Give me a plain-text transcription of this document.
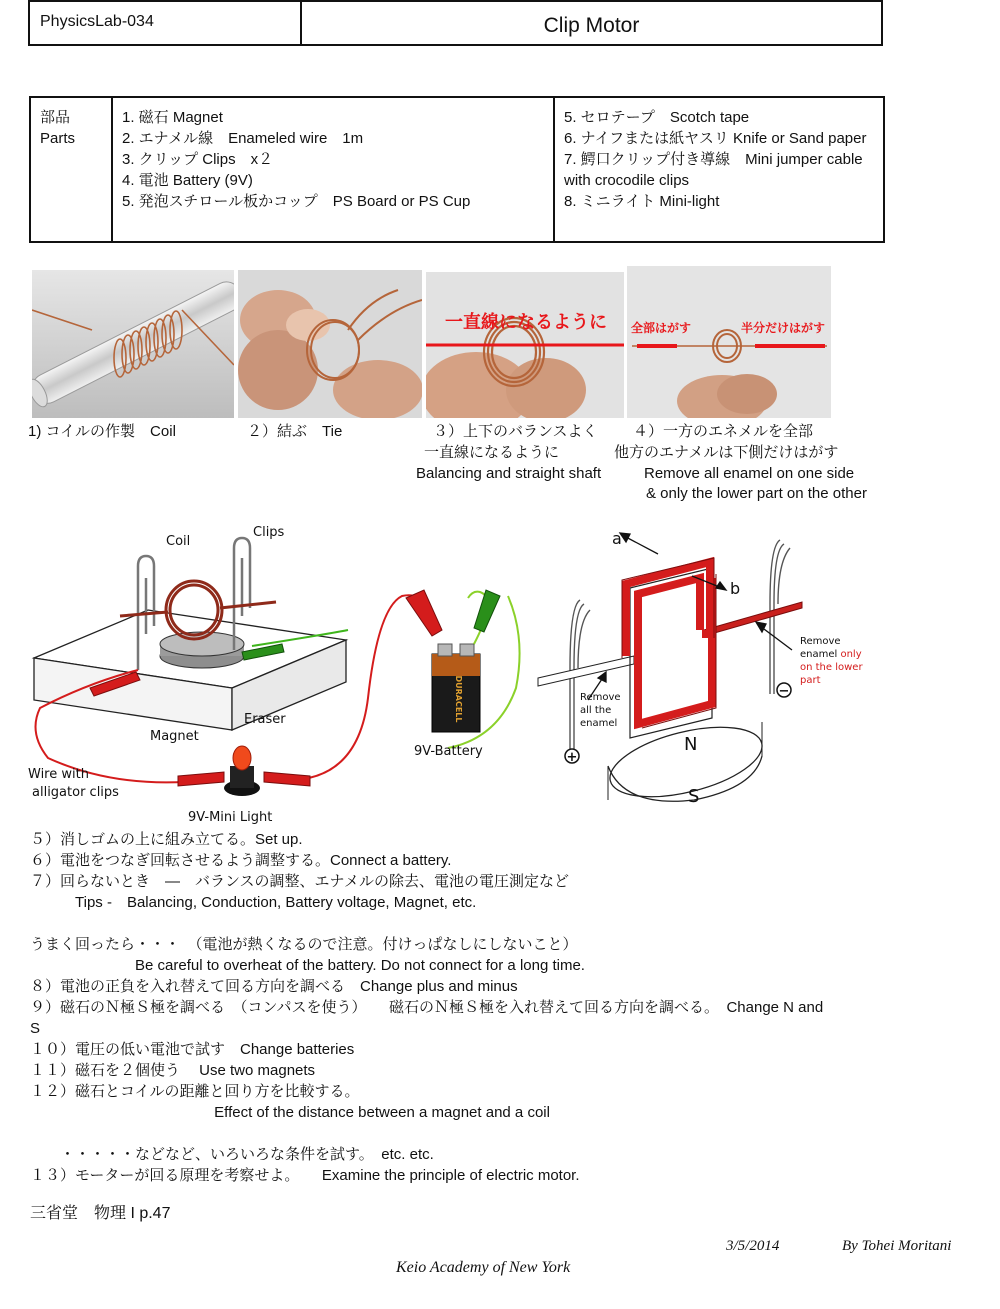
PhysicsLab-034	Clip Motor
部品
Parts
1. 磁石 Magnet
2. エナメル線　Enameled wire　1m
3. クリップ Clips　x２
4. 電池 Battery (9V)
5. 発泡スチロール板かコップ　PS Board or PS Cup
5. セロテープ　Scotch tape
6. ナイフまたは紙ヤスリ Knife or Sand paper
7. 鰐口クリップ付き導線　Mini jumper cable with crocodile clips
8. ミニライト Mini-light
一直線になるように 全部はがす	半分だけはがす
1) コイルの作製　Coil	２）結ぶ　Tie	３）上下のバランスよく
一直線になるように
Balancing and straight shaft
４）一方のエネメルを全部
他方のエナメルは下側だけはがす
Remove all enamel on one side
& only the lower part on the other
DURACELL
Coil
Clips
Eraser
Magnet
9V-Battery
Wire with
alligator clips
9V-Mini Light
+
−
a
b
N
S
Remove
all the
enamel
Remove
enamel only
on the lower
part
５）消しゴムの上に組み立てる。Set up.
６）電池をつなぎ回転させるよう調整する。Connect a battery.
７）回らないとき　―　バランスの調整、エナメルの除去、電池の電圧測定など
　　　Tips -　Balancing, Conduction, Battery voltage, Magnet, etc.
うまく回ったら・・・　（電池が熱くなるので注意。付けっぱなしにしないこと）
　　　　　　　Be careful to overheat of the battery. Do not connect for a long time.
８）電池の正負を入れ替えて回る方向を調べる　Change plus and minus
９）磁石のＮ極Ｓ極を調べる　（コンパスを使う）　　磁石のＮ極Ｓ極を入れ替えて回る方向を調べる。　Change N and
S
１０）電圧の低い電池で試す　Change batteries
１１）磁石を２個使う　 Use two magnets
１２）磁石とコイルの距離と回り方を比較する。
　　　　　　　　　　　　 Effect of the distance between a magnet and a coil
　　・・・・・などなど、いろいろな条件を試す。　etc. etc.
１３）モーターが回る原理を考察せよ。　　Examine the principle of electric motor.
三省堂　物理 I p.47
3/5/2014	By Tohei Moritani
Keio Academy of New York
